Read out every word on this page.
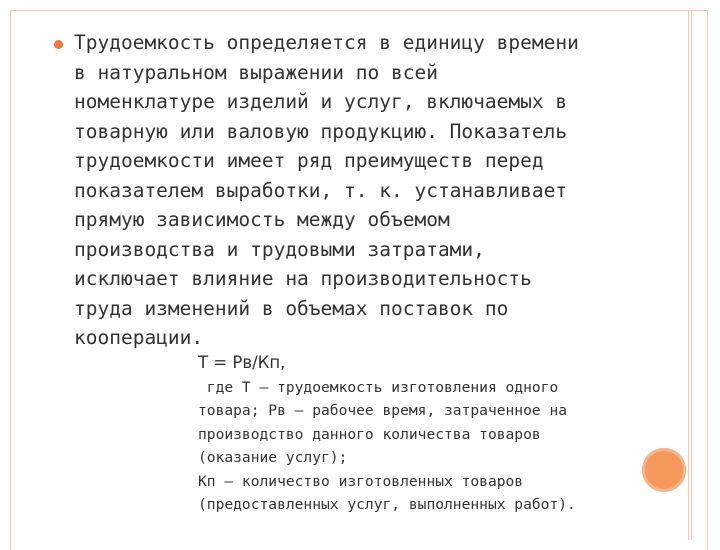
Трудоемкость определяется в единицу времени
в натуральном выражении по всей
номенклатуре изделий и услуг, включаемых в
товарную или валовую продукцию. Показатель
трудоемкости имеет ряд преимуществ перед
показателем выработки, т. к. устанавливает
прямую зависимость между объемом
производства и трудовыми затратами,
исключает влияние на производительность
труда изменений в объемах поставок по
кооперации.
Т = Рв/Кп,
где Т – трудоемкость изготовления одного
товара; Рв – рабочее время, затраченное на
производство данного количества товаров
(оказание услуг);
Кп – количество изготовленных товаров
(предоставленных услуг, выполненных работ).
